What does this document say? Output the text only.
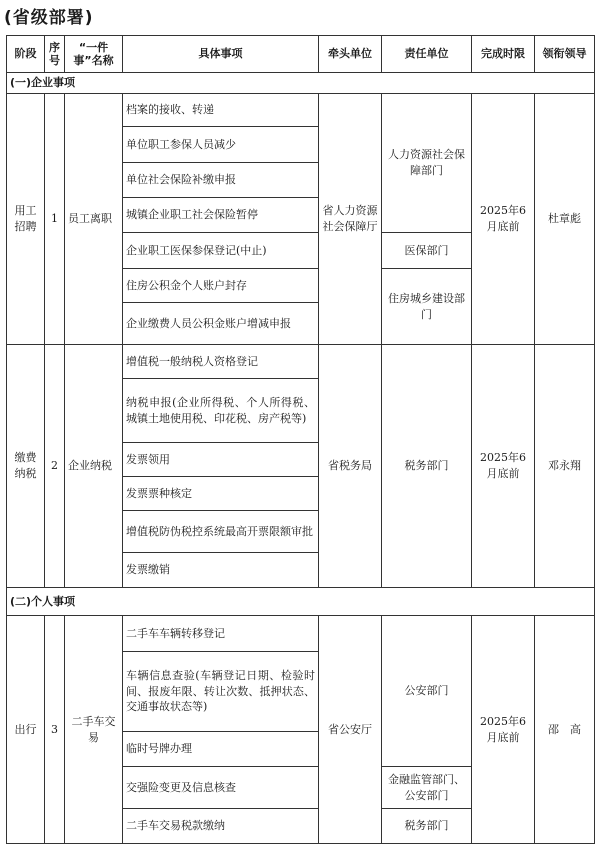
(省级部署)
阶段	序号	“一件事”名称	具体事项	牵头单位	责任单位	完成时限	领衔领导
(一)企业事项							
用工招聘	1	员工离职	档案的接收、转递	省人力资源社会保障厅	人力资源社会保障部门	2025年6月底前	杜章彪
			单位职工参保人员减少				
			单位社会保险补缴申报				
			城镇企业职工社会保险暂停				
			企业职工医保参保登记(中止)		医保部门		
			住房公积金个人账户封存		住房城乡建设部门		
			企业缴费人员公积金账户增减申报				
缴费纳税	2	企业纳税	增值税一般纳税人资格登记	省税务局	税务部门	2025年6月底前	邓永翔
			纳税申报(企业所得税、个人所得税、城镇土地使用税、印花税、房产税等)				
			发票领用				
			发票票种核定				
			增值税防伪税控系统最高开票限额审批				
			发票缴销				
(二)个人事项							
出行	3	二手车交易	二手车车辆转移登记	省公安厅	公安部门	2025年6月底前	邵　高
			车辆信息查验(车辆登记日期、检验时间、报废年限、转让次数、抵押状态、交通事故状态等)				
			临时号牌办理				
			交强险变更及信息核查		金融监管部门、公安部门		
			二手车交易税款缴纳		税务部门		
